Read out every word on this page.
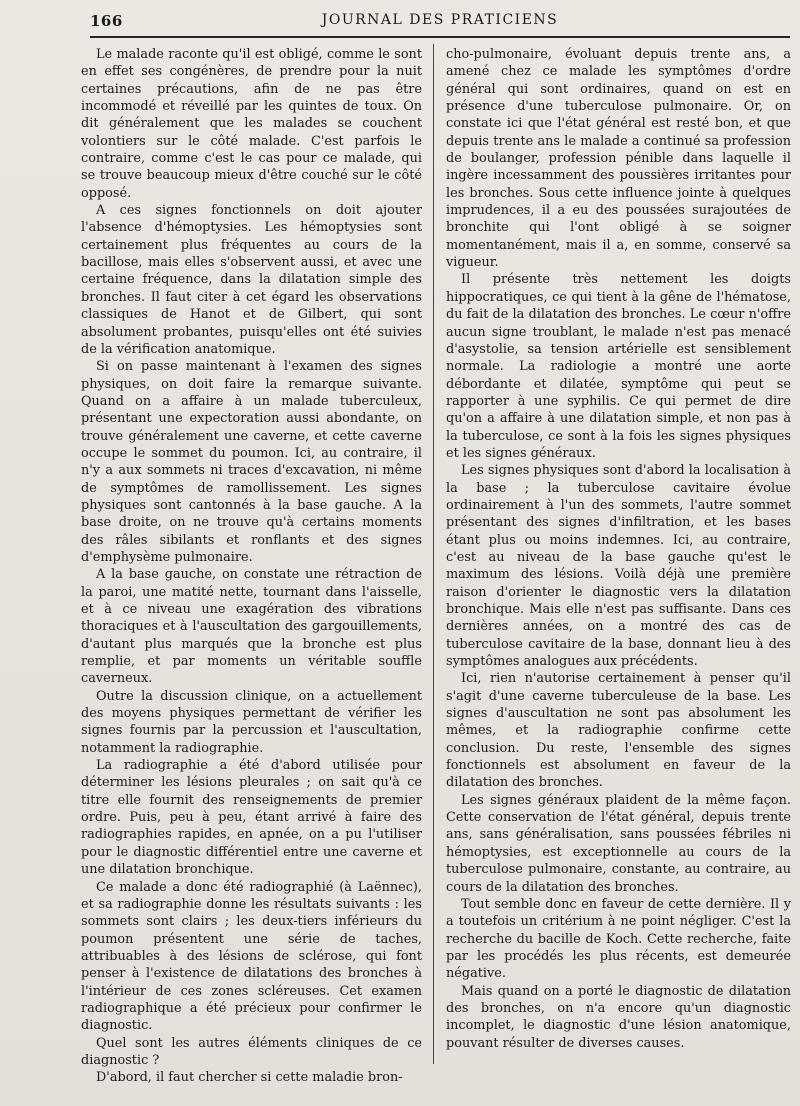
166	JOURNAL DES PRATICIENS

Le malade raconte qu'il est obligé, comme le sont en effet ses congénères, de prendre pour la nuit certaines précautions, afin de ne pas être incommodé et réveillé par les quintes de toux. On dit généralement que les malades se couchent volontiers sur le côté malade. C'est parfois le contraire, comme c'est le cas pour ce malade, qui se trouve beaucoup mieux d'être couché sur le côté opposé.

A ces signes fonctionnels on doit ajouter l'absence d'hémoptysies. Les hémoptysies sont certainement plus fréquentes au cours de la bacillose, mais elles s'observent aussi, et avec une certaine fréquence, dans la dilatation simple des bronches. Il faut citer à cet égard les observations classiques de Hanot et de Gilbert, qui sont absolument probantes, puisqu'elles ont été suivies de la vérification anatomique.

Si on passe maintenant à l'examen des signes physiques, on doit faire la remarque suivante. Quand on a affaire à un malade tuberculeux, présentant une expectoration aussi abondante, on trouve généralement une caverne, et cette caverne occupe le sommet du poumon. Ici, au contraire, il n'y a aux sommets ni traces d'excavation, ni même de symptômes de ramollissement. Les signes physiques sont cantonnés à la base gauche. A la base droite, on ne trouve qu'à certains moments des râles sibilants et ronflants et des signes d'emphysème pulmonaire.

A la base gauche, on constate une rétraction de la paroi, une matité nette, tournant dans l'aisselle, et à ce niveau une exagération des vibrations thoraciques et à l'auscultation des gargouillements, d'autant plus marqués que la bronche est plus remplie, et par moments un véritable souffle caverneux.

Outre la discussion clinique, on a actuellement des moyens physiques permettant de vérifier les signes fournis par la percussion et l'auscultation, notamment la radiographie.

La radiographie a été d'abord utilisée pour déterminer les lésions pleurales ; on sait qu'à ce titre elle fournit des renseignements de premier ordre. Puis, peu à peu, étant arrivé à faire des radiographies rapides, en apnée, on a pu l'utiliser pour le diagnostic différentiel entre une caverne et une dilatation bronchique.

Ce malade a donc été radiographié (à Laënnec), et sa radiographie donne les résultats suivants : les sommets sont clairs ; les deux-tiers inférieurs du poumon présentent une série de taches, attribuables à des lésions de sclérose, qui font penser à l'existence de dilatations des bronches à l'intérieur de ces zones scléreuses. Cet examen radiographique a été précieux pour confirmer le diagnostic.

Quel sont les autres éléments cliniques de ce diagnostic ?

D'abord, il faut chercher si cette maladie bron-

cho-pulmonaire, évoluant depuis trente ans, a amené chez ce malade les symptômes d'ordre général qui sont ordinaires, quand on est en présence d'une tuberculose pulmonaire. Or, on constate ici que l'état général est resté bon, et que depuis trente ans le malade a continué sa profession de boulanger, profession pénible dans laquelle il ingère incessamment des poussières irritantes pour les bronches. Sous cette influence jointe à quelques imprudences, il a eu des poussées surajoutées de bronchite qui l'ont obligé à se soigner momentanément, mais il a, en somme, conservé sa vigueur.

Il présente très nettement les doigts hippocratiques, ce qui tient à la gêne de l'hématose, du fait de la dilatation des bronches. Le cœur n'offre aucun signe troublant, le malade n'est pas menacé d'asystolie, sa tension artérielle est sensiblement normale. La radiologie a montré une aorte débordante et dilatée, symptôme qui peut se rapporter à une syphilis. Ce qui permet de dire qu'on a affaire à une dilatation simple, et non pas à la tuberculose, ce sont à la fois les signes physiques et les signes généraux.

Les signes physiques sont d'abord la localisation à la base ; la tuberculose cavitaire évolue ordinairement à l'un des sommets, l'autre sommet présentant des signes d'infiltration, et les bases étant plus ou moins indemnes. Ici, au contraire, c'est au niveau de la base gauche qu'est le maximum des lésions. Voilà déjà une première raison d'orienter le diagnostic vers la dilatation bronchique. Mais elle n'est pas suffisante. Dans ces dernières années, on a montré des cas de tuberculose cavitaire de la base, donnant lieu à des symptômes analogues aux précédents.

Ici, rien n'autorise certainement à penser qu'il s'agit d'une caverne tuberculeuse de la base. Les signes d'auscultation ne sont pas absolument les mêmes, et la radiographie confirme cette conclusion. Du reste, l'ensemble des signes fonctionnels est absolument en faveur de la dilatation des bronches.

Les signes généraux plaident de la même façon. Cette conservation de l'état général, depuis trente ans, sans généralisation, sans poussées fébriles ni hémoptysies, est exceptionnelle au cours de la tuberculose pulmonaire, constante, au contraire, au cours de la dilatation des bronches.

Tout semble donc en faveur de cette dernière. Il y a toutefois un critérium à ne point négliger. C'est la recherche du bacille de Koch. Cette recherche, faite par les procédés les plus récents, est demeurée négative.

Mais quand on a porté le diagnostic de dilatation des bronches, on n'a encore qu'un diagnostic incomplet, le diagnostic d'une lésion anatomique, pouvant résulter de diverses causes.
